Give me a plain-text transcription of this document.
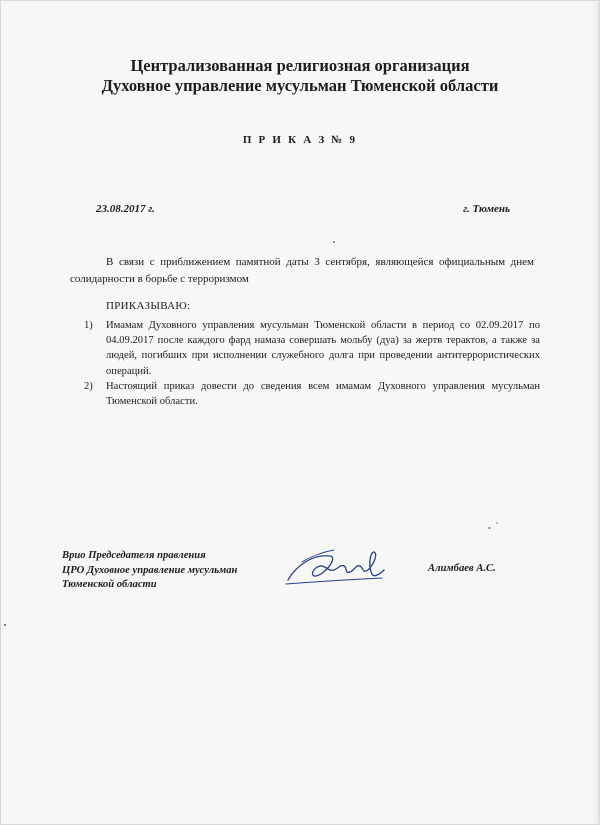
Централизованная религиозная организация
Духовное управление мусульман Тюменской области
П Р И К А З № 9
23.08.2017 г.	г. Тюмень

В связи с приближением памятной даты 3 сентября, являющейся официальным днем солидарности в борьбе с терроризмом

ПРИКАЗЫВАЮ:
1) Имамам Духовного управления мусульман Тюменской области в период со 02.09.2017 по 04.09.2017 после каждого фард намаза совершать мольбу (дуа) за жертв терактов, а также за людей, погибших при исполнении служебного долга при проведении антитеррористических операций.
2) Настоящий приказ довести до сведения всем имамам Духовного управления мусульман Тюменской области.
Врио Председателя правления
ЦРО Духовное управление мусульман
Тюменской области
Алимбаев А.С.
